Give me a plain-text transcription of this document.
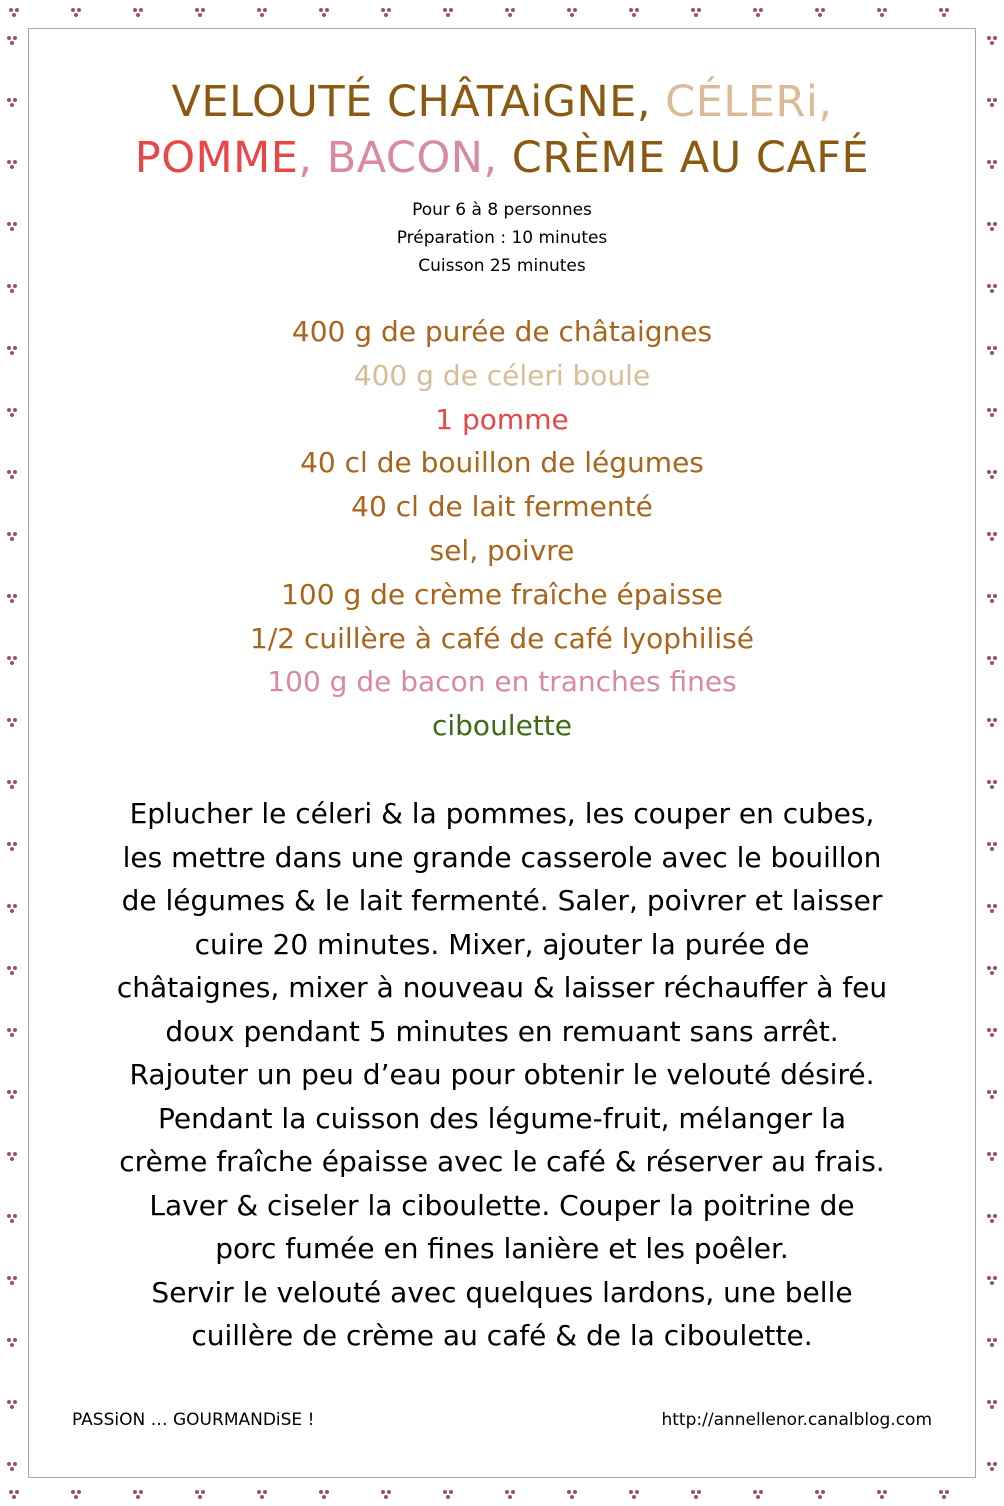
VELOUTÉ CHÂTAiGNE, CÉLERi,
POMME, BACON, CRÈME AU CAFÉ
Pour 6 à 8 personnes
Préparation : 10 minutes
Cuisson 25 minutes
400 g de purée de châtaignes
400 g de céleri boule
1 pomme
40 cl de bouillon de légumes
40 cl de lait fermenté
sel, poivre
100 g de crème fraîche épaisse
1/2 cuillère à café de café lyophilisé
100 g de bacon en tranches fines
ciboulette
Eplucher le céleri & la pommes, les couper en cubes,
les mettre dans une grande casserole avec le bouillon
de légumes & le lait fermenté. Saler, poivrer et laisser
cuire 20 minutes. Mixer, ajouter la purée de
châtaignes, mixer à nouveau & laisser réchauffer à feu
doux pendant 5 minutes en remuant sans arrêt.
Rajouter un peu d’eau pour obtenir le velouté désiré.
Pendant la cuisson des légume-fruit, mélanger la
crème fraîche épaisse avec le café & réserver au frais.
Laver & ciseler la ciboulette. Couper la poitrine de
porc fumée en fines lanière et les poêler.
Servir le velouté avec quelques lardons, une belle
cuillère de crème au café & de la ciboulette.
PASSiON … GOURMANDiSE !	http://annellenor.canalblog.com
